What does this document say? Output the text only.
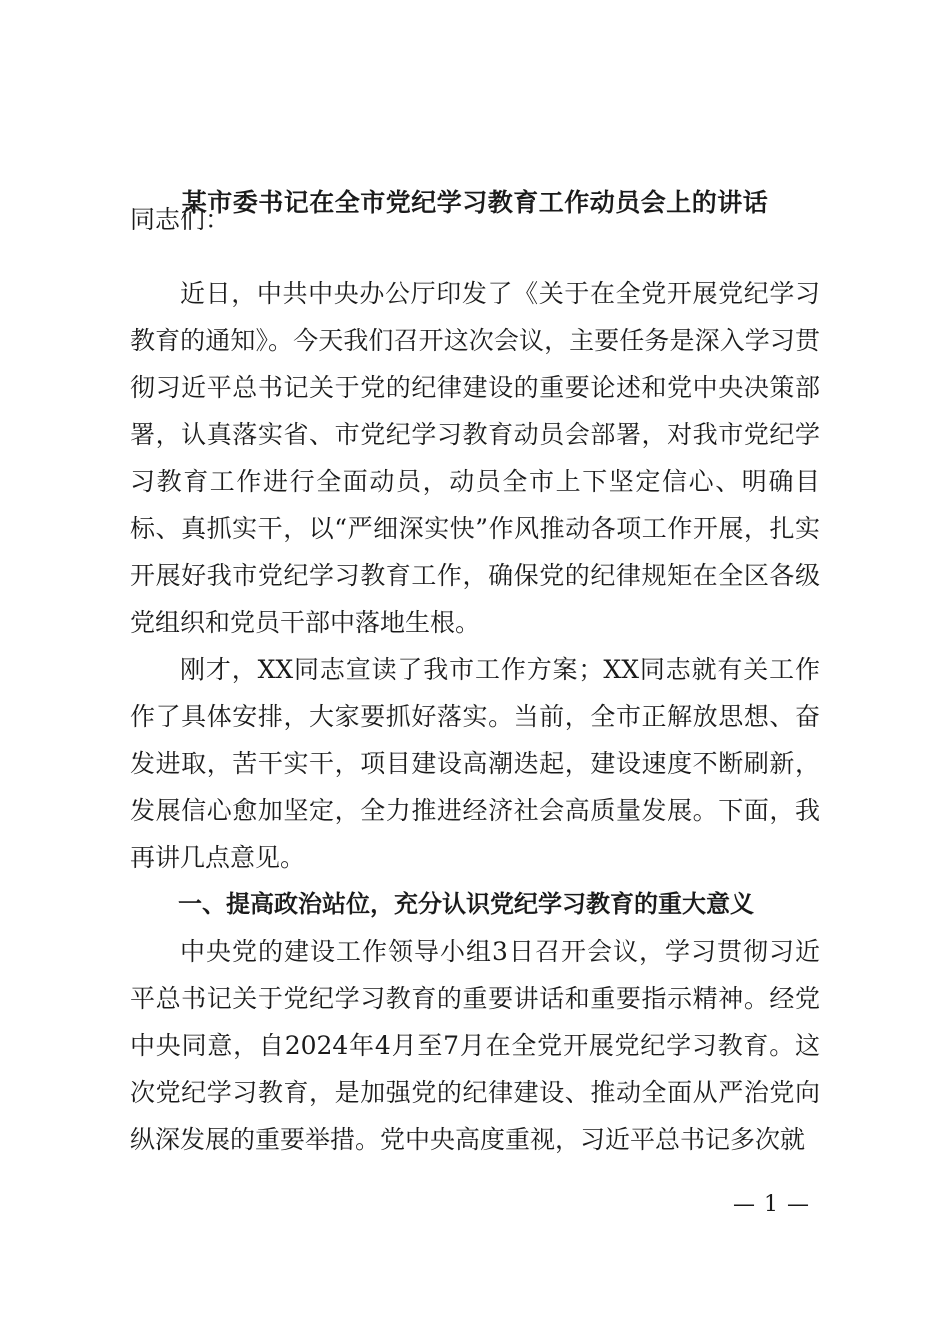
某市委书记在全市党纪学习教育工作动员会上的讲话
同志们：

近日，中共中央办公厅印发了《关于在全党开展党纪学习教育的通知》。今天我们召开这次会议，主要任务是深入学习贯彻习近平总书记关于党的纪律建设的重要论述和党中央决策部署，认真落实省、市党纪学习教育动员会部署，对我市党纪学习教育工作进行全面动员，动员全市上下坚定信心、明确目标、真抓实干，以“严细深实快”作风推动各项工作开展，扎实开展好我市党纪学习教育工作，确保党的纪律规矩在全区各级党组织和党员干部中落地生根。

刚才，XX同志宣读了我市工作方案；XX同志就有关工作作了具体安排，大家要抓好落实。当前，全市正解放思想、奋发进取，苦干实干，项目建设高潮迭起，建设速度不断刷新，发展信心愈加坚定，全力推进经济社会高质量发展。下面，我再讲几点意见。

一、提高政治站位，充分认识党纪学习教育的重大意义

中央党的建设工作领导小组3日召开会议，学习贯彻习近平总书记关于党纪学习教育的重要讲话和重要指示精神。经党中央同意，自2024年4月至7月在全党开展党纪学习教育。这次党纪学习教育，是加强党的纪律建设、推动全面从严治党向纵深发展的重要举措。党中央高度重视，习近平总书记多次就

— 1 —
